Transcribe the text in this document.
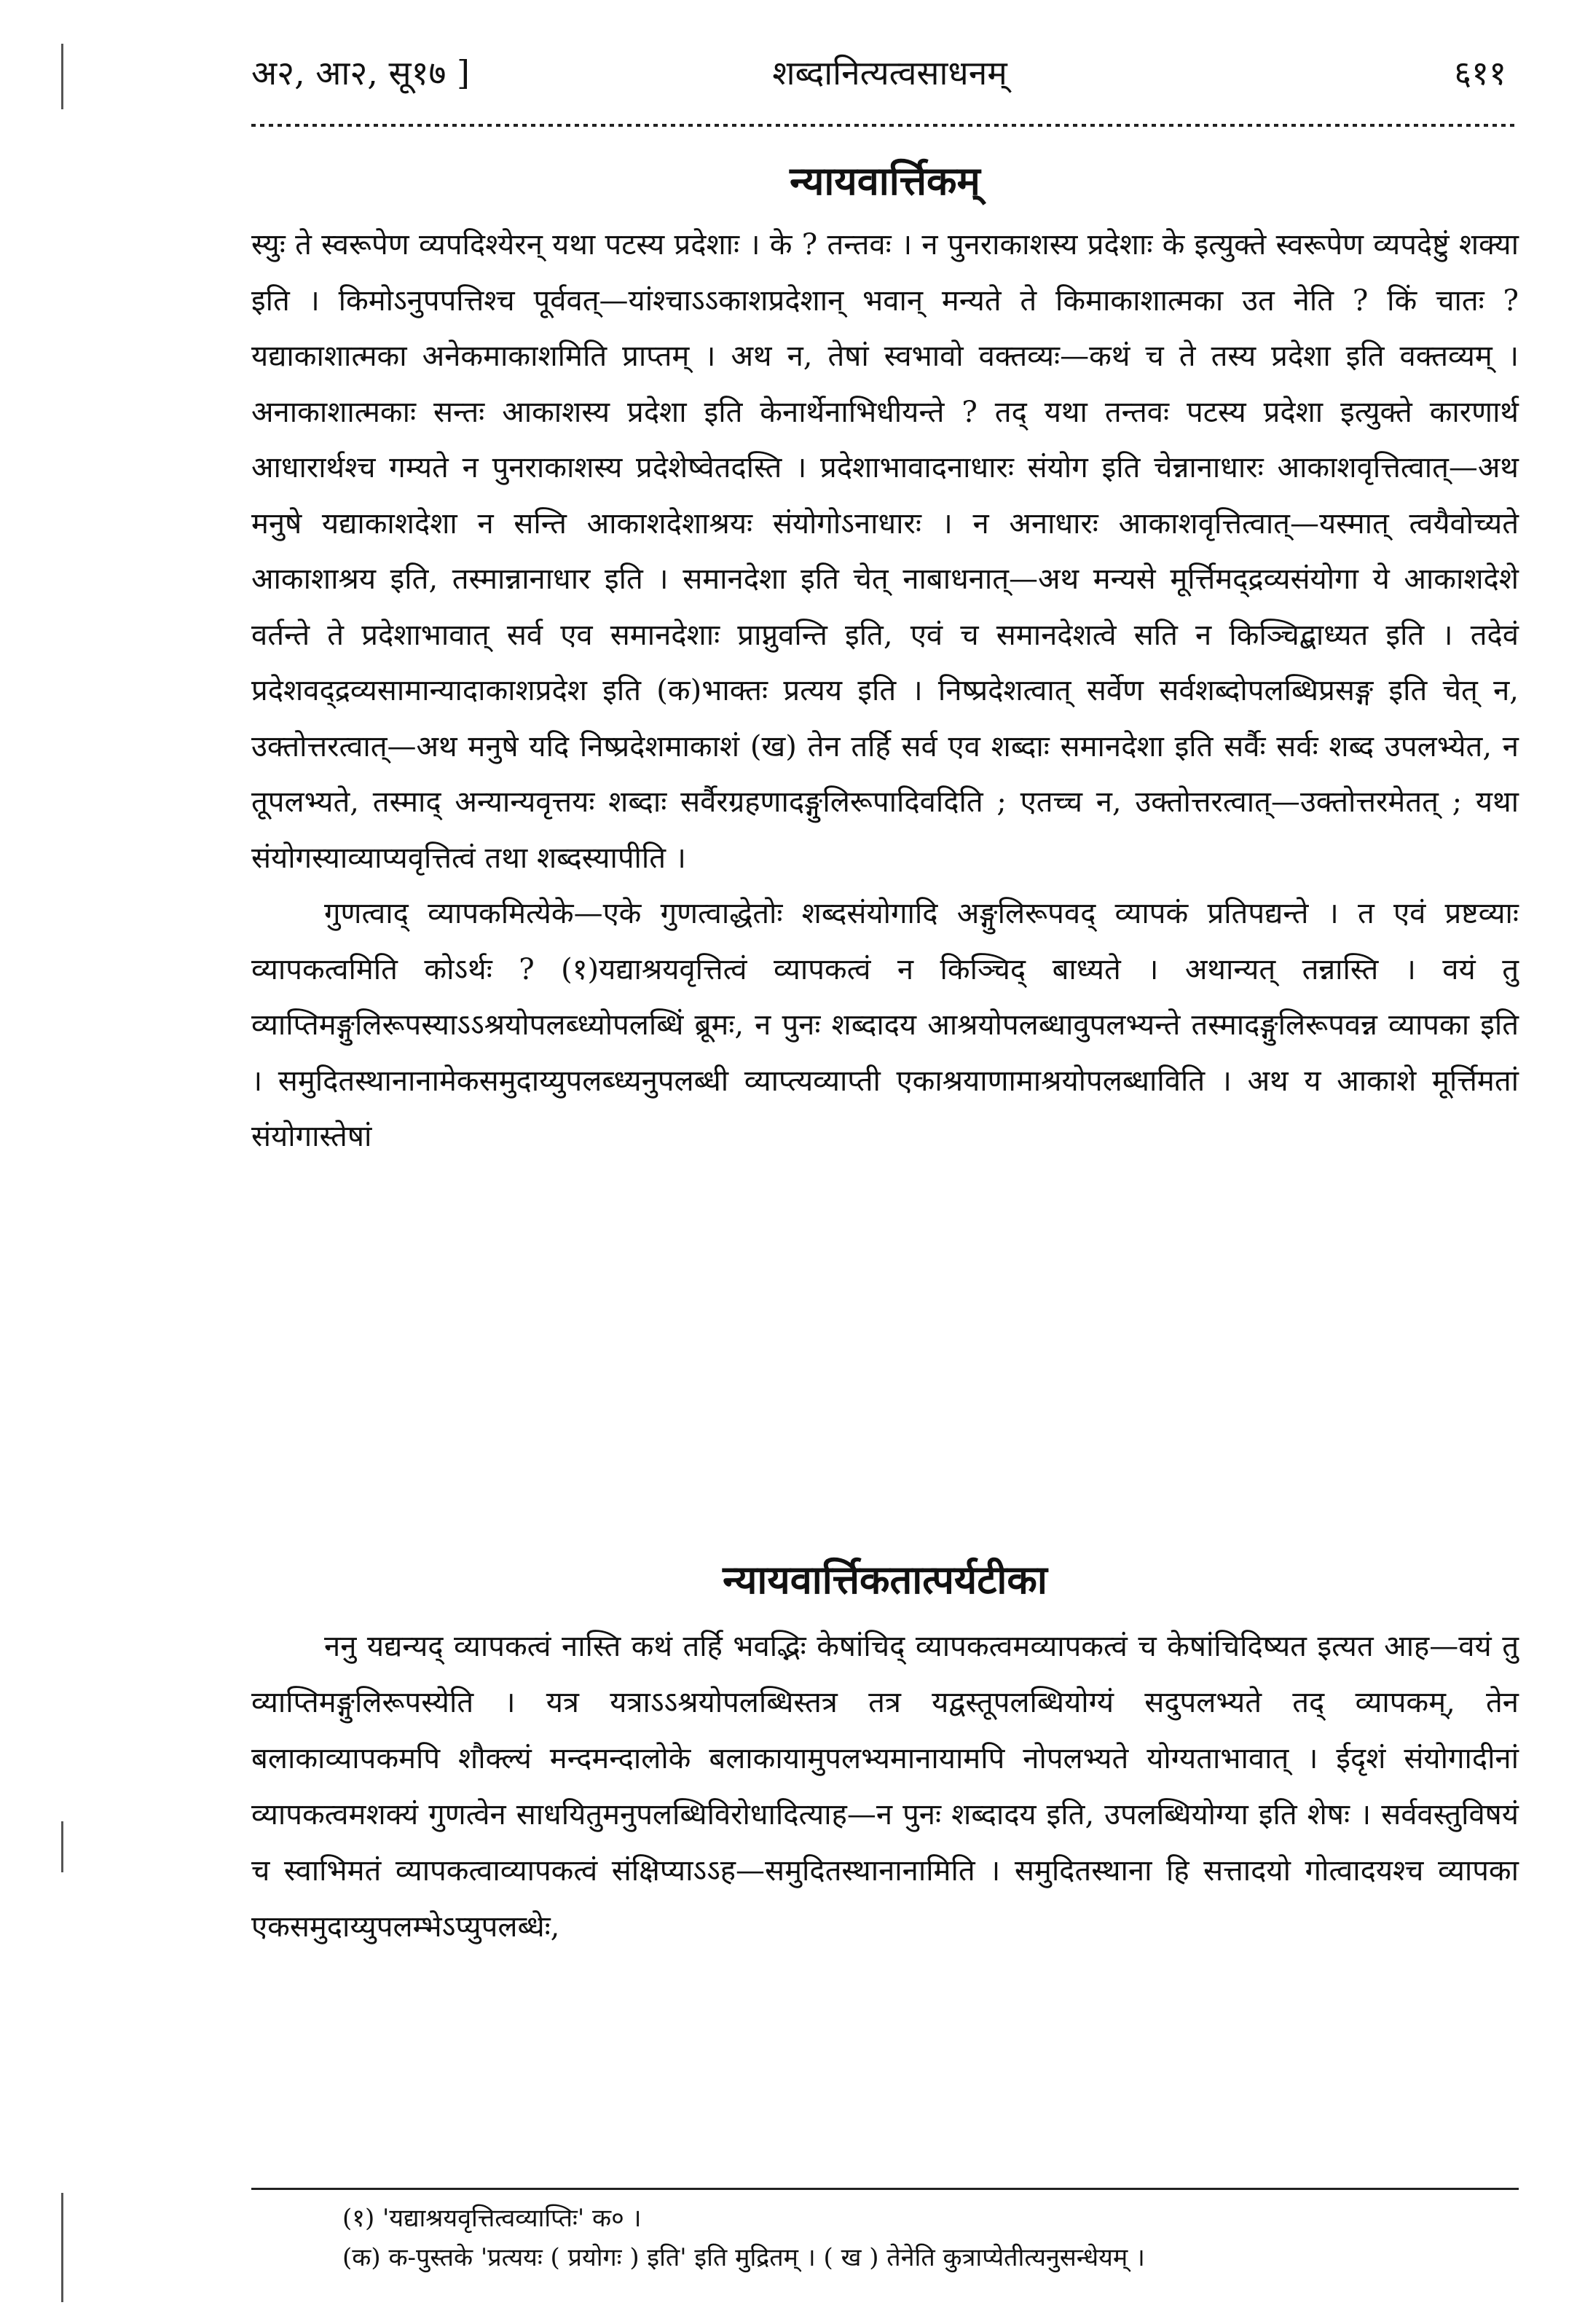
अ२, आ२, सू१७ ]	शब्दानित्यत्वसाधनम्	६११
न्यायवार्त्तिकम्

स्युः ते स्वरूपेण व्यपदिश्येरन् यथा पटस्य प्रदेशाः । के ? तन्तवः । न पुनराकाशस्य प्रदेशाः के इत्युक्ते स्वरूपेण व्यपदेष्टुं शक्या इति । किमोऽनुपपत्तिश्च पूर्ववत्—यांश्चाऽऽकाशप्रदेशान् भवान् मन्यते ते किमाकाशात्मका उत नेति ? किं चातः ? यद्याकाशात्मका अनेकमाकाशमिति प्राप्तम् । अथ न, तेषां स्वभावो वक्तव्यः—कथं च ते तस्य प्रदेशा इति वक्तव्यम् । अनाकाशात्मकाः सन्तः आकाशस्य प्रदेशा इति केनार्थेनाभिधीयन्ते ? तद् यथा तन्तवः पटस्य प्रदेशा इत्युक्ते कारणार्थ आधारार्थश्च गम्यते न पुनराकाशस्य प्रदेशेष्वेतदस्ति । प्रदेशाभावादनाधारः संयोग इति चेन्नानाधारः आकाशवृत्तित्वात्—अथ मनुषे यद्याकाशदेशा न सन्ति आकाशदेशाश्रयः संयोगोऽनाधारः । न अनाधारः आकाशवृत्तित्वात्—यस्मात् त्वयैवोच्यते आकाशाश्रय इति, तस्मान्नानाधार इति । समानदेशा इति चेत् नाबाधनात्—अथ मन्यसे मूर्त्तिमद्द्रव्यसंयोगा ये आकाशदेशे वर्तन्ते ते प्रदेशाभावात् सर्व एव समानदेशाः प्राप्नुवन्ति इति, एवं च समानदेशत्वे सति न किञ्चिद्बाध्यत इति । तदेवं प्रदेशवद्द्रव्यसामान्यादाकाशप्रदेश इति (क)भाक्तः प्रत्यय इति । निष्प्रदेशत्वात् सर्वेण सर्वशब्दोपलब्धिप्रसङ्ग इति चेत् न, उक्तोत्तरत्वात्—अथ मनुषे यदि निष्प्रदेशमाकाशं (ख) तेन तर्हि सर्व एव शब्दाः समानदेशा इति सर्वैः सर्वः शब्द उपलभ्येत, न तूपलभ्यते, तस्माद् अन्यान्यवृत्तयः शब्दाः सर्वैरग्रहणादङ्गुलिरूपादिवदिति ; एतच्च न, उक्तोत्तरत्वात्—उक्तोत्तरमेतत् ; यथा संयोगस्याव्याप्यवृत्तित्वं तथा शब्दस्यापीति ।

गुणत्वाद् व्यापकमित्येके—एके गुणत्वाद्धेतोः शब्दसंयोगादि अङ्गुलिरूपवद् व्यापकं प्रतिपद्यन्ते । त एवं प्रष्टव्याः व्यापकत्वमिति कोऽर्थः ? (१)यद्याश्रयवृत्तित्वं व्यापकत्वं न किञ्चिद् बाध्यते । अथान्यत् तन्नास्ति । वयं तु व्याप्तिमङ्गुलिरूपस्याऽऽश्रयोपलब्ध्योपलब्धिं ब्रूमः, न पुनः शब्दादय आश्रयोपलब्धावुपलभ्यन्ते तस्मादङ्गुलिरूपवन्न व्यापका इति । समुदितस्थानानामेकसमुदाय्युपलब्ध्यनुपलब्धी व्याप्त्यव्याप्ती एकाश्रयाणामाश्रयोपलब्धाविति । अथ य आकाशे मूर्त्तिमतां संयोगास्तेषां

न्यायवार्त्तिकतात्पर्यटीका

ननु यद्यन्यद् व्यापकत्वं नास्ति कथं तर्हि भवद्भिः केषांचिद् व्यापकत्वमव्यापकत्वं च केषांचिदिष्यत इत्यत आह—वयं तु व्याप्तिमङ्गुलिरूपस्येति । यत्र यत्राऽऽश्रयोपलब्धिस्तत्र तत्र यद्वस्तूपलब्धियोग्यं सदुपलभ्यते तद् व्यापकम्, तेन बलाकाव्यापकमपि शौक्ल्यं मन्दमन्दालोके बलाकायामुपलभ्यमानायामपि नोपलभ्यते योग्यताभावात् । ईदृशं संयोगादीनां व्यापकत्वमशक्यं गुणत्वेन साधयितुमनुपलब्धिविरोधादित्याह—न पुनः शब्दादय इति, उपलब्धियोग्या इति शेषः । सर्ववस्तुविषयं च स्वाभिमतं व्यापकत्वाव्यापकत्वं संक्षिप्याऽऽह—समुदितस्थानानामिति । समुदितस्थाना हि सत्तादयो गोत्वादयश्च व्यापका एकसमुदाय्युपलम्भेऽप्युपलब्धेः,

(१) 'यद्याश्रयवृत्तित्वव्याप्तिः' क० ।
(क) क-पुस्तके 'प्रत्ययः ( प्रयोगः ) इति' इति मुद्रितम् । ( ख ) तेनेति कुत्राप्येतीत्यनुसन्धेयम् ।
